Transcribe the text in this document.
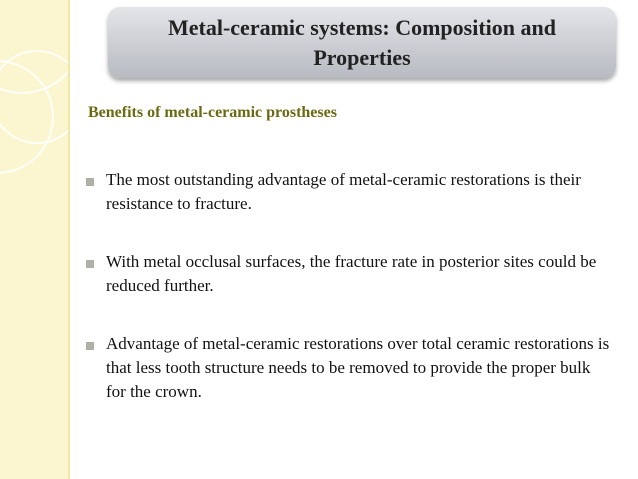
Metal-ceramic systems: Composition and Properties
Benefits of metal-ceramic prostheses
The most outstanding advantage of metal-ceramic restorations is their resistance to fracture.
With metal occlusal surfaces, the fracture rate in posterior sites could be reduced further.
Advantage of metal-ceramic restorations over total ceramic restorations is that less tooth structure needs to be removed to provide the proper bulk for the crown.
